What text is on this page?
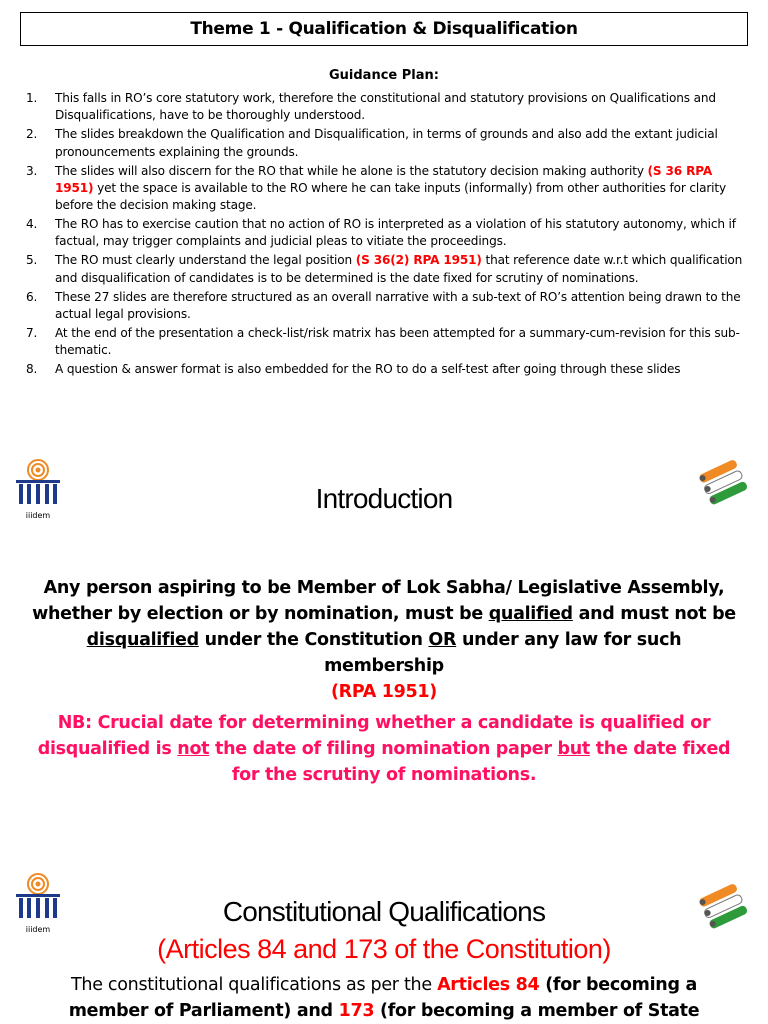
Theme 1 - Qualification & Disqualification
Guidance Plan:
1.	This falls in RO’s core statutory work, therefore the constitutional and statutory provisions on Qualifications and Disqualifications, have to be thoroughly understood.
2.	The slides breakdown the Qualification and Disqualification, in terms of grounds and also add the extant judicial pronouncements explaining the grounds.
3.	The slides will also discern for the RO that while he alone is the statutory decision making authority (S 36 RPA 1951) yet the space is available to the RO where he can take inputs (informally) from other authorities for clarity before the decision making stage.
4.	The RO has to exercise caution that no action of RO is interpreted as a violation of his statutory autonomy, which if factual, may trigger complaints and judicial pleas to vitiate the proceedings.
5.	The RO must clearly understand the legal position (S 36(2) RPA 1951) that reference date w.r.t which qualification and disqualification of candidates is to be determined is the date fixed for scrutiny of nominations.
6.	These 27 slides are therefore structured as an overall narrative with a sub-text of RO’s attention being drawn to the actual legal provisions.
7.	At the end of the presentation a check-list/risk matrix has been attempted for a summary-cum-revision for this sub-thematic.
8.	A question & answer format is also embedded for the RO to do a self-test after going through these slides
iiidem
Introduction
Any person aspiring to be Member of Lok Sabha/ Legislative Assembly, whether by election or by nomination, must be qualified and must not be disqualified under the Constitution OR under any law for such membership
(RPA 1951)
NB: Crucial date for determining whether a candidate is qualified or disqualified is not the date of filing nomination paper but the date fixed for the scrutiny of nominations.
iiidem
Constitutional Qualifications
(Articles 84 and 173 of the Constitution)
The constitutional qualifications as per the Articles 84 (for becoming a member of Parliament) and 173 (for becoming a member of State
